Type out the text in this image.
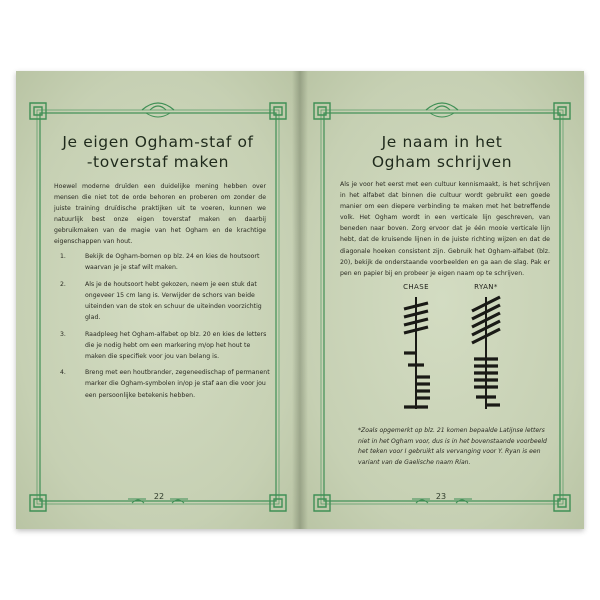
Je eigen Ogham-staf of
-toverstaf maken
Hoewel moderne druïden een duidelijke mening hebben over mensen die niet tot de orde behoren en proberen om zonder de juiste training druïdische praktijken uit te voeren, kunnen we natuurlijk best onze eigen toverstaf maken en daarbij gebruikmaken van de magie van het Ogham en de krachtige eigenschappen van hout.
1.	Bekijk de Ogham-bomen op blz. 24 en kies de houtsoort waarvan je je staf wilt maken.
2.	Als je de houtsoort hebt gekozen, neem je een stuk dat ongeveer 15 cm lang is. Verwijder de schors van beide uiteinden van de stok en schuur de uiteinden voorzichtig glad.
3.	Raadpleeg het Ogham-alfabet op blz. 20 en kies de letters die je nodig hebt om een markering m/op het hout te maken die specifiek voor jou van belang is.
4.	Breng met een houtbrander, zegeneedischap of permanent marker die Ogham-symbolen in/op je staf aan die voor jou een persoonlijke betekenis hebben.
22
Je naam in het
Ogham schrijven
Als je voor het eerst met een cultuur kennismaakt, is het schrijven in het alfabet dat binnen die cultuur wordt gebruikt een goede manier om een diepere verbinding te maken met het betreffende volk. Het Ogham wordt in een verticale lijn geschreven, van beneden naar boven. Zorg ervoor dat je één mooie verticale lijn hebt, dat de kruisende lijnen in de juiste richting wijzen en dat de diagonale hoeken consistent zijn. Gebruik het Ogham-alfabet (blz. 20), bekijk de onderstaande voorbeelden en ga aan de slag. Pak er pen en papier bij en probeer je eigen naam op te schrijven.
CHASE	RYAN*
*Zoals opgemerkt op blz. 21 komen bepaalde Latijnse letters niet in het Ogham voor, dus is in het bovenstaande voorbeeld het teken voor I gebruikt als vervanging voor Y. Ryan is een variant van de Gaelische naam Rían.
23
